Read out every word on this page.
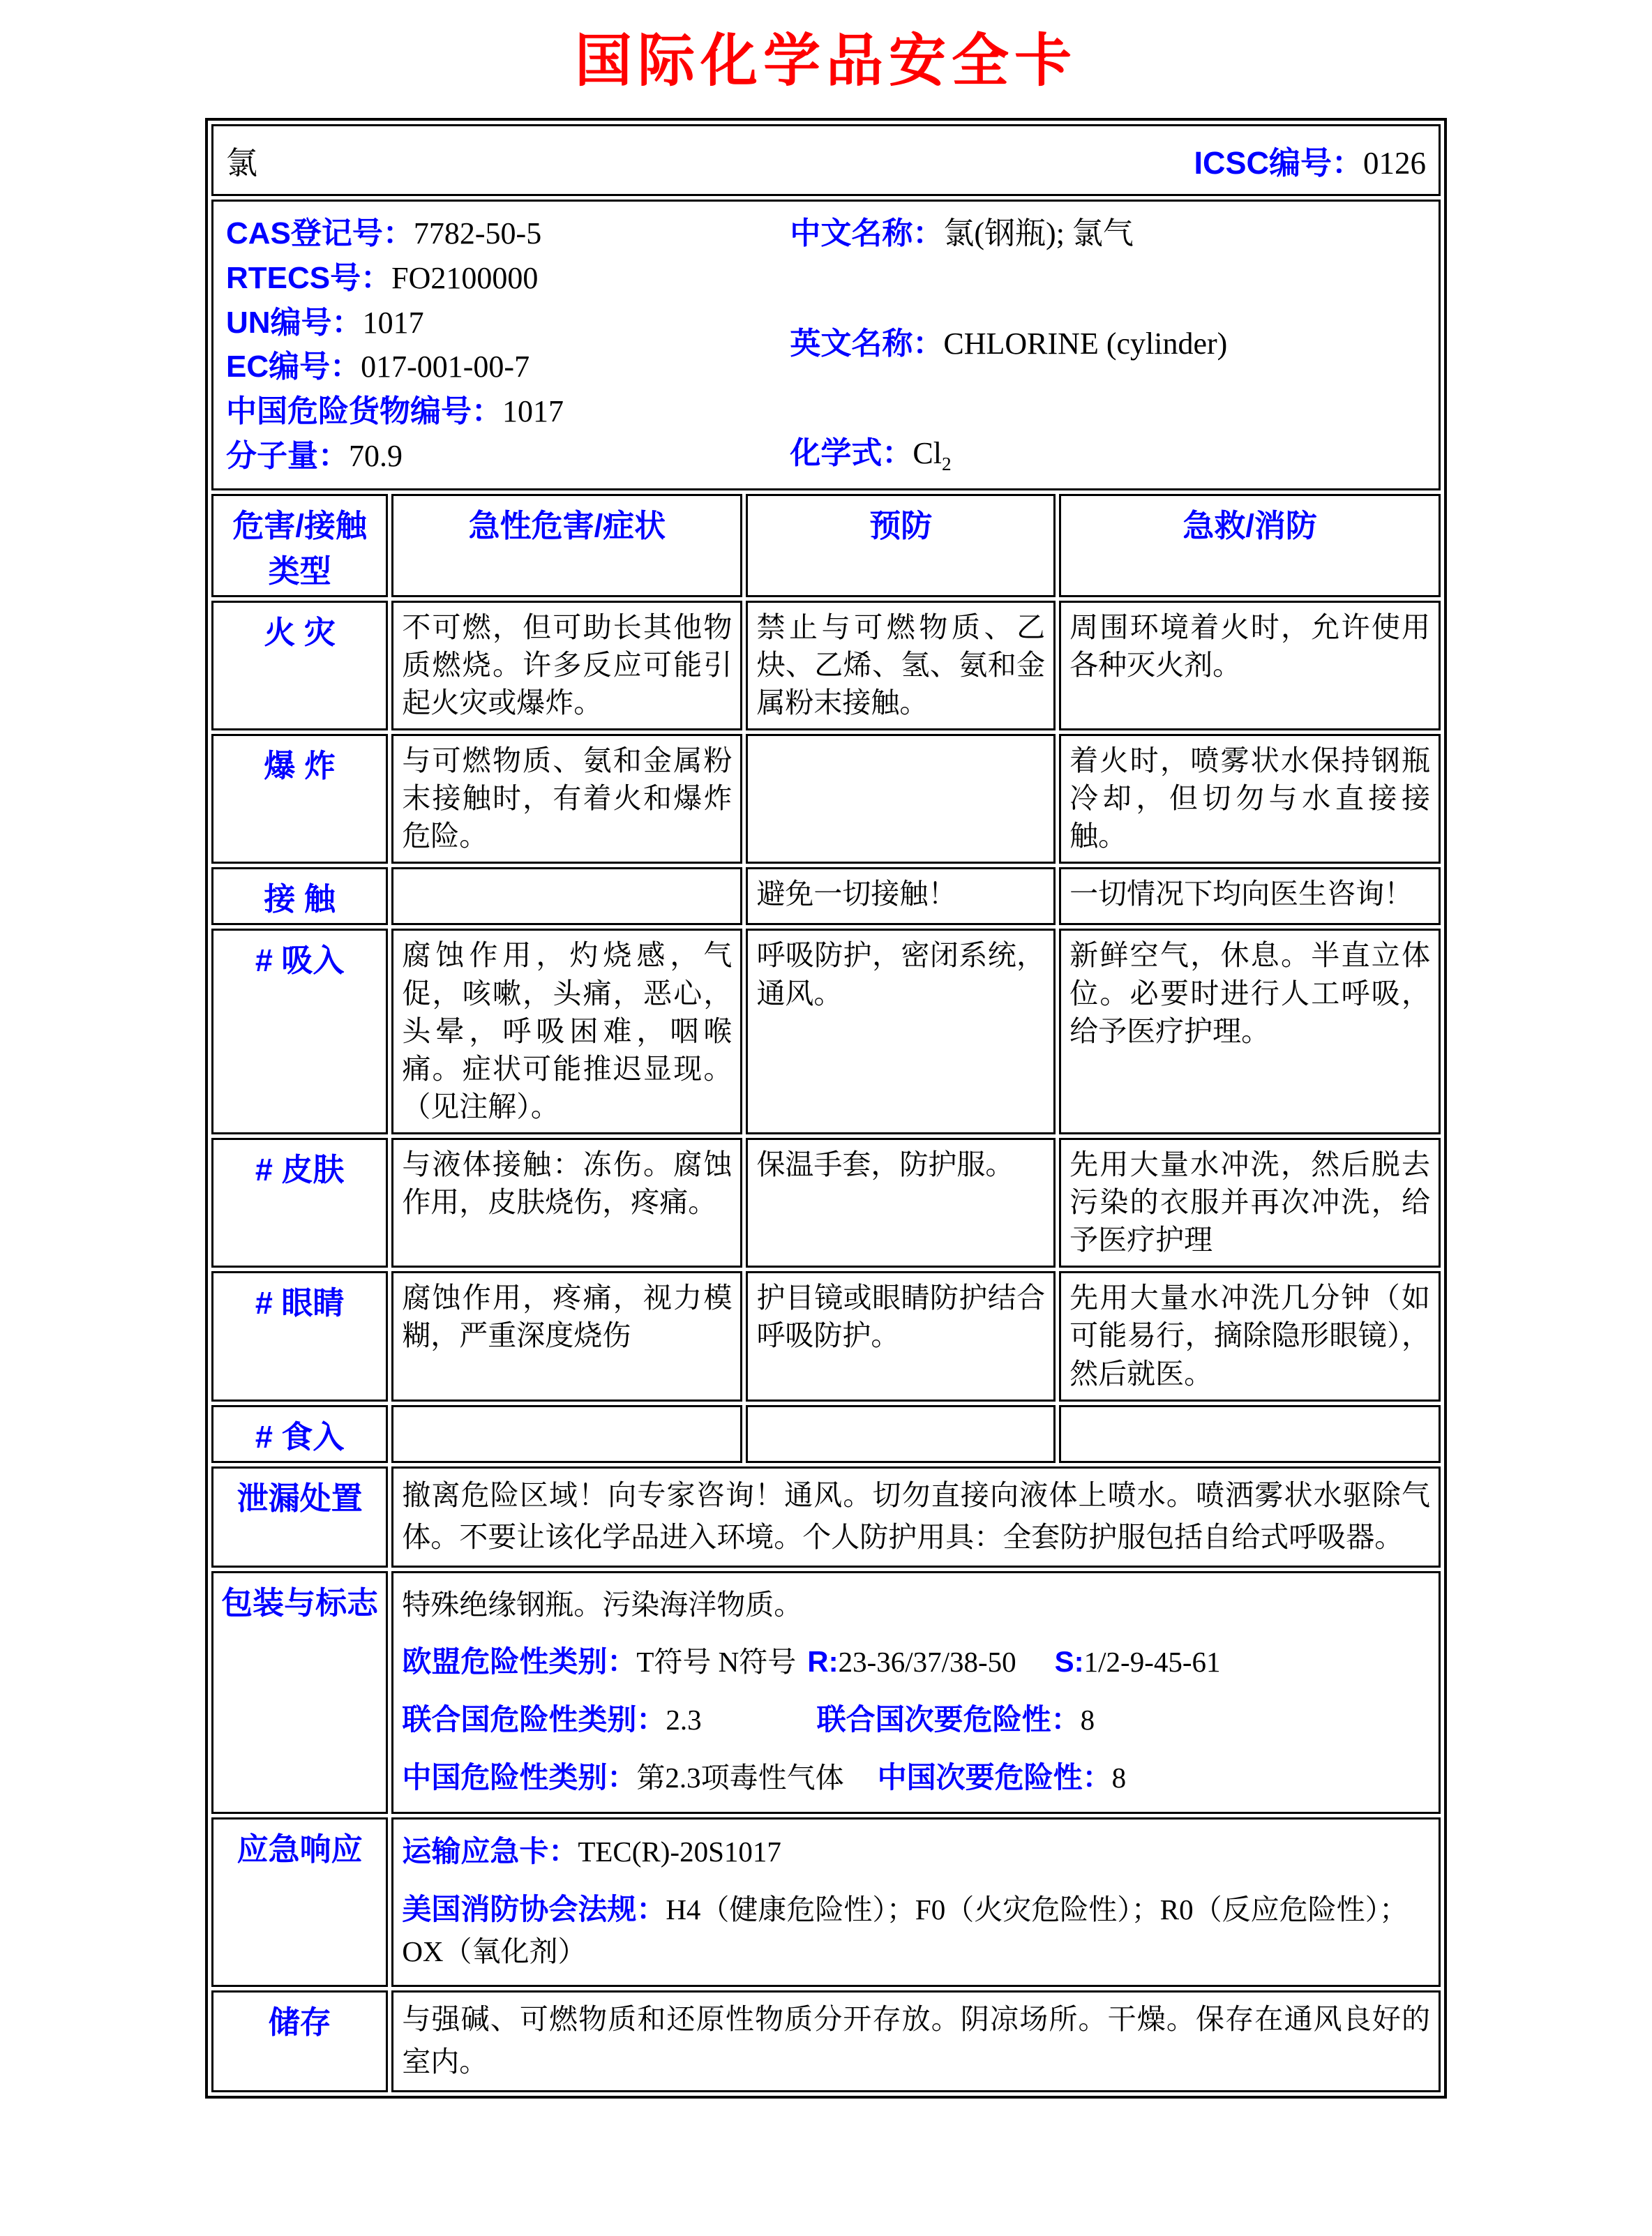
国际化学品安全卡
氯 ICSC编号：0126			

CAS登记号：7782-50-5
RTECS号：FO2100000
UN编号：1017
EC编号：017-001-00-7
中国危险货物编号：1017
分子量：70.9
中文名称：氯(钢瓶); 氯气
英文名称：CHLORINE (cylinder)
化学式：$Cl_2$

危害/接触类型	急性危害/症状	预防	急救/消防
火 灾	不可燃，但可助长其他物质燃烧。许多反应可能引起火灾或爆炸。	禁止与可燃物质、乙炔、乙烯、氢、氨和金属粉末接触。	周围环境着火时，允许使用各种灭火剂。
爆 炸	与可燃物质、氨和金属粉末接触时，有着火和爆炸危险。		着火时，喷雾状水保持钢瓶冷却，但切勿与水直接接触。
接 触		避免一切接触！	一切情况下均向医生咨询！
# 吸入	腐蚀作用，灼烧感，气促，咳嗽，头痛，恶心，头晕，呼吸困难，咽喉痛。症状可能推迟显现。（见注解）。	呼吸防护，密闭系统，通风。	新鲜空气，休息。半直立体位。必要时进行人工呼吸，给予医疗护理。
# 皮肤	与液体接触：冻伤。腐蚀作用，皮肤烧伤，疼痛。	保温手套，防护服。	先用大量水冲洗，然后脱去污染的衣服并再次冲洗，给予医疗护理
# 眼睛	腐蚀作用，疼痛，视力模糊，严重深度烧伤	护目镜或眼睛防护结合呼吸防护。	先用大量水冲洗几分钟（如可能易行，摘除隐形眼镜），然后就医。
# 食入			
泄漏处置	撤离危险区域！向专家咨询！通风。切勿直接向液体上喷水。喷洒雾状水驱除气体。不要让该化学品进入环境。个人防护用具：全套防护服包括自给式呼吸器。		
包装与标志	特殊绝缘钢瓶。污染海洋物质。
欧盟危险性类别：T符号 N符号 R:23-36/37/38-50 S:1/2-9-45-61
联合国危险性类别：2.3 联合国次要危险性：8
中国危险性类别：第2.3项毒性气体 中国次要危险性：8		

应急响应	运输应急卡：TEC(R)-20S1017
美国消防协会法规：H4（健康危险性）；F0（火灾危险性）；R0（反应危险性）；OX（氧化剂）		

储存	与强碱、可燃物质和还原性物质分开存放。阴凉场所。干燥。保存在通风良好的室内。		
